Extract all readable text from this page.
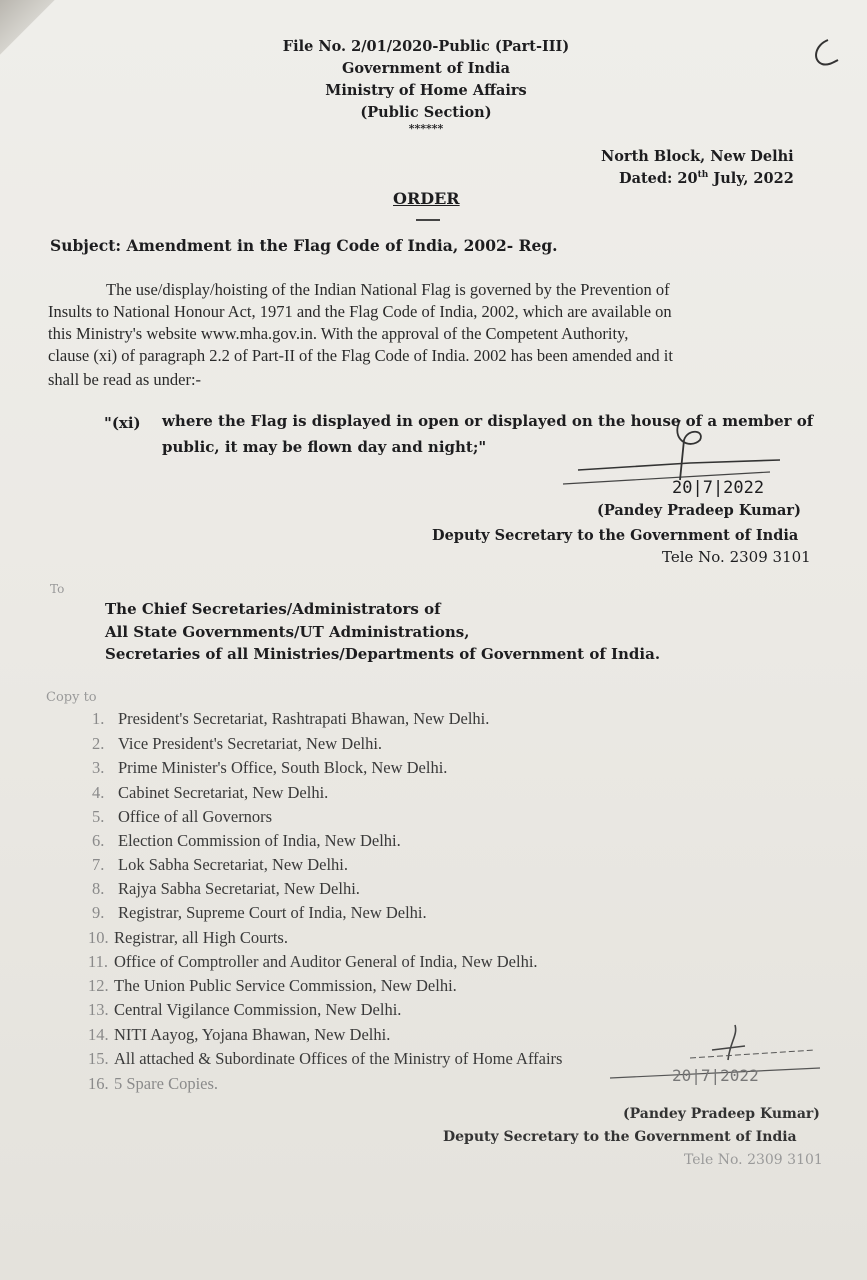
File No. 2/01/2020-Public (Part-III)
Government of India
Ministry of Home Affairs
(Public Section)
******
North Block, New Delhi
Dated: 20th July, 2022
ORDER
Subject: Amendment in the Flag Code of India, 2002- Reg.
The use/display/hoisting of the Indian National Flag is governed by the Prevention of
Insults to National Honour Act, 1971 and the Flag Code of India, 2002, which are available on
this Ministry's website www.mha.gov.in. With the approval of the Competent Authority,
clause (xi) of paragraph 2.2 of Part-II of the Flag Code of India. 2002 has been amended and it
shall be read as under:-
"(xi) where the Flag is displayed in open or displayed on the house of a member of
public, it may be flown day and night;"
20|7|2022
(Pandey Pradeep Kumar)
Deputy Secretary to the Government of India
Tele No. 2309 3101
To
The Chief Secretaries/Administrators of
All State Governments/UT Administrations,
Secretaries of all Ministries/Departments of Government of India.
Copy to
1. President's Secretariat, Rashtrapati Bhawan, New Delhi.
2. Vice President's Secretariat, New Delhi.
3. Prime Minister's Office, South Block, New Delhi.
4. Cabinet Secretariat, New Delhi.
5. Office of all Governors
6. Election Commission of India, New Delhi.
7. Lok Sabha Secretariat, New Delhi.
8. Rajya Sabha Secretariat, New Delhi.
9. Registrar, Supreme Court of India, New Delhi.
10. Registrar, all High Courts.
11. Office of Comptroller and Auditor General of India, New Delhi.
12. The Union Public Service Commission, New Delhi.
13. Central Vigilance Commission, New Delhi.
14. NITI Aayog, Yojana Bhawan, New Delhi.
15. All attached & Subordinate Offices of the Ministry of Home Affairs
16. 5 Spare Copies.	20|7|2022
(Pandey Pradeep Kumar)
Deputy Secretary to the Government of India
Tele No. 2309 3101
